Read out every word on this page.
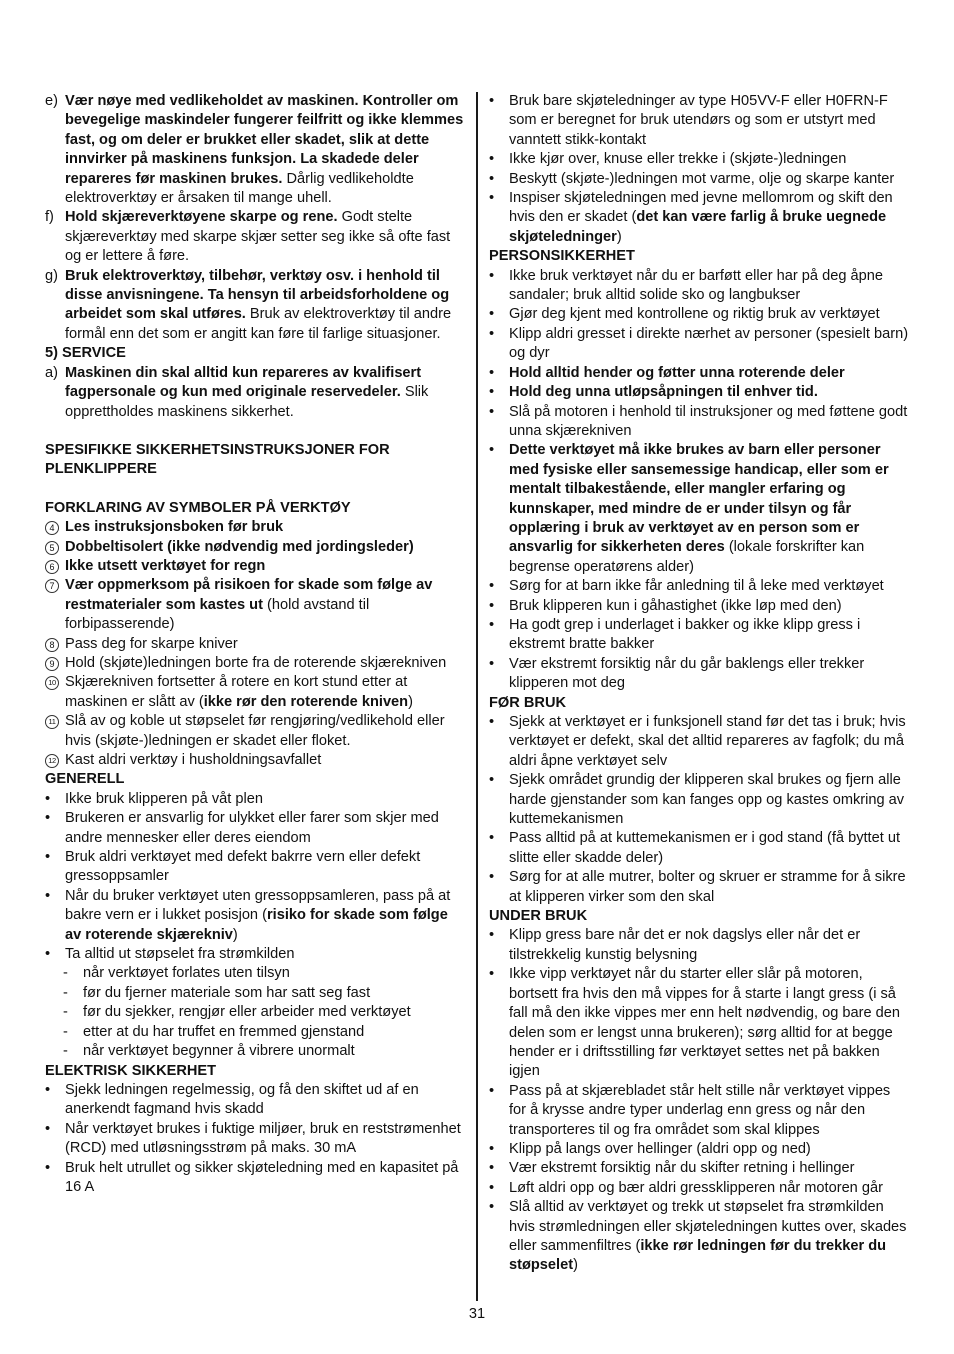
e) Vær nøye med vedlikeholdet av maskinen. Kontroller om bevegelige maskindeler fungerer feilfritt og ikke klemmes fast, og om deler er brukket eller skadet, slik at dette innvirker på maskinens funksjon. La skadede deler repareres før maskinen brukes. Dårlig vedlikeholdte elektroverktøy er årsaken til mange uhell.
f) Hold skjæreverktøyene skarpe og rene. Godt stelte skjæreverktøy med skarpe skjær setter seg ikke så ofte fast og er lettere å føre.
g) Bruk elektroverktøy, tilbehør, verktøy osv. i henhold til disse anvisningene. Ta hensyn til arbeidsforholdene og arbeidet som skal utføres. Bruk av elektroverktøy til andre formål enn det som er angitt kan føre til farlige situasjoner.
5) SERVICE
a) Maskinen din skal alltid kun repareres av kvalifisert fagpersonale og kun med originale reservedeler. Slik opprettholdes maskinens sikkerhet.
SPESIFIKKE SIKKERHETSINSTRUKSJONER FOR PLENKLIPPERE
FORKLARING AV SYMBOLER PÅ VERKTØY
4 Les instruksjonsboken før bruk
5 Dobbeltisolert (ikke nødvendig med jordingsleder)
6 Ikke utsett verktøyet for regn
7 Vær oppmerksom på risikoen for skade som følge av restmaterialer som kastes ut (hold avstand til forbipasserende)
8 Pass deg for skarpe kniver
9 Hold (skjøte)ledningen borte fra de roterende skjærekniven
10 Skjærekniven fortsetter å rotere en kort stund etter at maskinen er slått av (ikke rør den roterende kniven)
11 Slå av og koble ut støpselet før rengjøring/vedlikehold eller hvis (skjøte-)ledningen er skadet eller floket.
12 Kast aldri verktøy i husholdningsavfallet
GENERELL
• Ikke bruk klipperen på våt plen
• Brukeren er ansvarlig for ulykket eller farer som skjer med andre mennesker eller deres eiendom
• Bruk aldri verktøyet med defekt bakrre vern eller defekt gressoppsamler
• Når du bruker verktøyet uten gressoppsamleren, pass på at bakre vern er i lukket posisjon (risiko for skade som følge av roterende skjærekniv)
• Ta alltid ut støpselet fra strømkilden
- når verktøyet forlates uten tilsyn
- før du fjerner materiale som har satt seg fast
- før du sjekker, rengjør eller arbeider med verktøyet
- etter at du har truffet en fremmed gjenstand
- når verktøyet begynner å vibrere unormalt
ELEKTRISK SIKKERHET
• Sjekk ledningen regelmessig, og få den skiftet ud af en anerkendt fagmand hvis skadd
• Når verktøyet brukes i fuktige miljøer, bruk en reststrømenhet (RCD) med utløsningsstrøm på maks. 30 mA
• Bruk helt utrullet og sikker skjøteledning med en kapasitet på 16 A
• Bruk bare skjøteledninger av type H05VV-F eller H0FRN-F som er beregnet for bruk utendørs og som er utstyrt med vanntett stikk-kontakt
• Ikke kjør over, knuse eller trekke i (skjøte-)ledningen
• Beskytt (skjøte-)ledningen mot varme, olje og skarpe kanter
• Inspiser skjøteledningen med jevne mellomrom og skift den hvis den er skadet (det kan være farlig å bruke uegnede skjøteledninger)
PERSONSIKKERHET
• Ikke bruk verktøyet når du er barføtt eller har på deg åpne sandaler; bruk alltid solide sko og langbukser
• Gjør deg kjent med kontrollene og riktig bruk av verktøyet
• Klipp aldri gresset i direkte nærhet av personer (spesielt barn) og dyr
• Hold alltid hender og føtter unna roterende deler
• Hold deg unna utløpsåpningen til enhver tid.
• Slå på motoren i henhold til instruksjoner og med føttene godt unna skjærekniven
• Dette verktøyet må ikke brukes av barn eller personer med fysiske eller sansemessige handicap, eller som er mentalt tilbakestående, eller mangler erfaring og kunnskaper, med mindre de er under tilsyn og får opplæring i bruk av verktøyet av en person som er ansvarlig for sikkerheten deres (lokale forskrifter kan begrense operatørens alder)
• Sørg for at barn ikke får anledning til å leke med verktøyet
• Bruk klipperen kun i gåhastighet (ikke løp med den)
• Ha godt grep i underlaget i bakker og ikke klipp gress i ekstremt bratte bakker
• Vær ekstremt forsiktig når du går baklengs eller trekker klipperen mot deg
FØR BRUK
• Sjekk at verktøyet er i funksjonell stand før det tas i bruk; hvis verktøyet er defekt, skal det alltid repareres av fagfolk; du må aldri åpne verktøyet selv
• Sjekk området grundig der klipperen skal brukes og fjern alle harde gjenstander som kan fanges opp og kastes omkring av kuttemekanismen
• Pass alltid på at kuttemekanismen er i god stand (få byttet ut slitte eller skadde deler)
• Sørg for at alle mutrer, bolter og skruer er stramme for å sikre at klipperen virker som den skal
UNDER BRUK
• Klipp gress bare når det er nok dagslys eller når det er tilstrekkelig kunstig belysning
• Ikke vipp verktøyet når du starter eller slår på motoren, bortsett fra hvis den må vippes for å starte i langt gress (i så fall må den ikke vippes mer enn helt nødvendig, og bare den delen som er lengst unna brukeren); sørg alltid for at begge hender er i driftsstilling før verktøyet settes net på bakken igjen
• Pass på at skjærebladet står helt stille når verktøyet vippes for å krysse andre typer underlag enn gress og når den transporteres til og fra området som skal klippes
• Klipp på langs over hellinger (aldri opp og ned)
• Vær ekstremt forsiktig når du skifter retning i hellinger
• Løft aldri opp og bær aldri gressklipperen når motoren går
• Slå alltid av verktøyet og trekk ut støpselet fra strømkilden hvis strømledningen eller skjøteledningen kuttes over, skades eller sammenfiltres (ikke rør ledningen før du trekker du støpselet)
31
